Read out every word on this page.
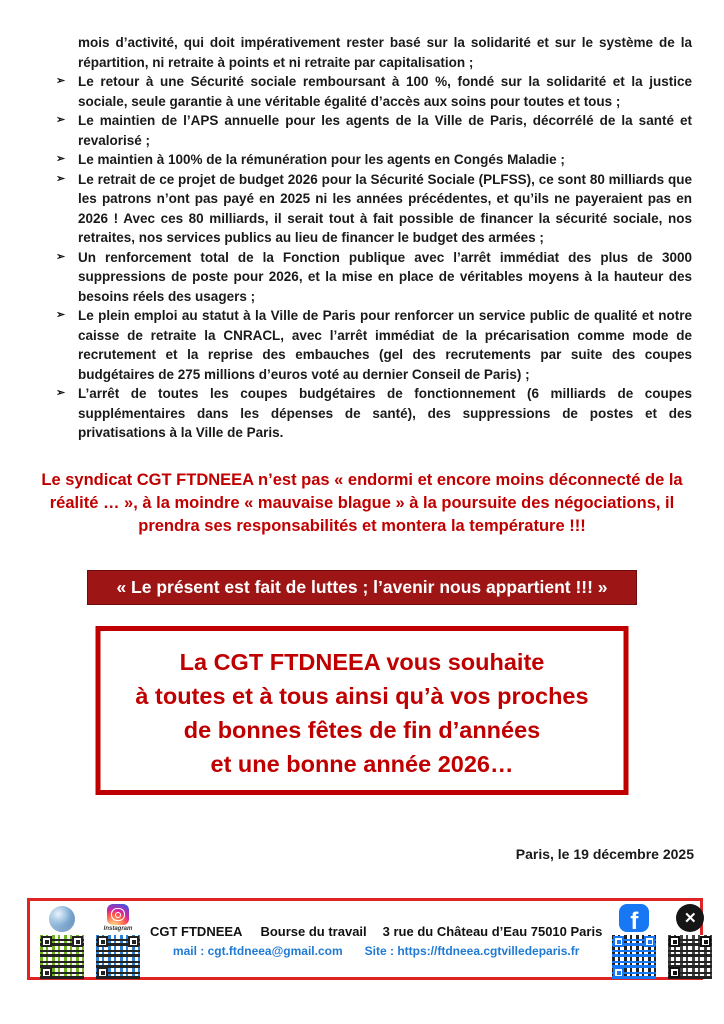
mois d’activité, qui doit impérativement rester basé sur la solidarité et sur le système de la répartition, ni retraite à points et ni retraite par capitalisation ;

➢ Le retour à une Sécurité sociale remboursant à 100 %, fondé sur la solidarité et la justice sociale, seule garantie à une véritable égalité d’accès aux soins pour toutes et tous ;
➢ Le maintien de l’APS annuelle pour les agents de la Ville de Paris, décorrélé de la santé et revalorisé ;
➢ Le maintien à 100% de la rémunération pour les agents en Congés Maladie ;
➢ Le retrait de ce projet de budget 2026 pour la Sécurité Sociale (PLFSS), ce sont 80 milliards que les patrons n’ont pas payé en 2025 ni les années précédentes, et qu’ils ne payeraient pas en 2026 ! Avec ces 80 milliards, il serait tout à fait possible de financer la sécurité sociale, nos retraites, nos services publics au lieu de financer le budget des armées ;
➢ Un renforcement total de la Fonction publique avec l’arrêt immédiat des plus de 3000 suppressions de poste pour 2026, et la mise en place de véritables moyens à la hauteur des besoins réels des usagers ;
➢ Le plein emploi au statut à la Ville de Paris pour renforcer un service public de qualité et notre caisse de retraite la CNRACL, avec l’arrêt immédiat de la précarisation comme mode de recrutement et la reprise des embauches (gel des recrutements par suite des coupes budgétaires de 275 millions d’euros voté au dernier Conseil de Paris) ;
➢ L’arrêt de toutes les coupes budgétaires de fonctionnement (6 milliards de coupes supplémentaires dans les dépenses de santé), des suppressions de postes et des privatisations à la Ville de Paris.

Le syndicat CGT FTDNEEA n’est pas « endormi et encore moins déconnecté de la réalité … », à la moindre « mauvaise blague » à la poursuite des négociations, il prendra ses responsabilités et montera la température !!!

« Le présent est fait de luttes ; l’avenir nous appartient !!! »
La CGT FTDNEEA vous souhaite
à toutes et à tous ainsi qu’à vos proches
de bonnes fêtes de fin d’années
et une bonne année 2026…
Paris, le 19 décembre 2025
Instagram	CGT FTDNEEA Bourse du travail 3 rue du Château d’Eau 75010 Paris
mail : cgt.ftdneea@gmail.com Site : https://ftdneea.cgtvilledeparis.fr
f	✕
